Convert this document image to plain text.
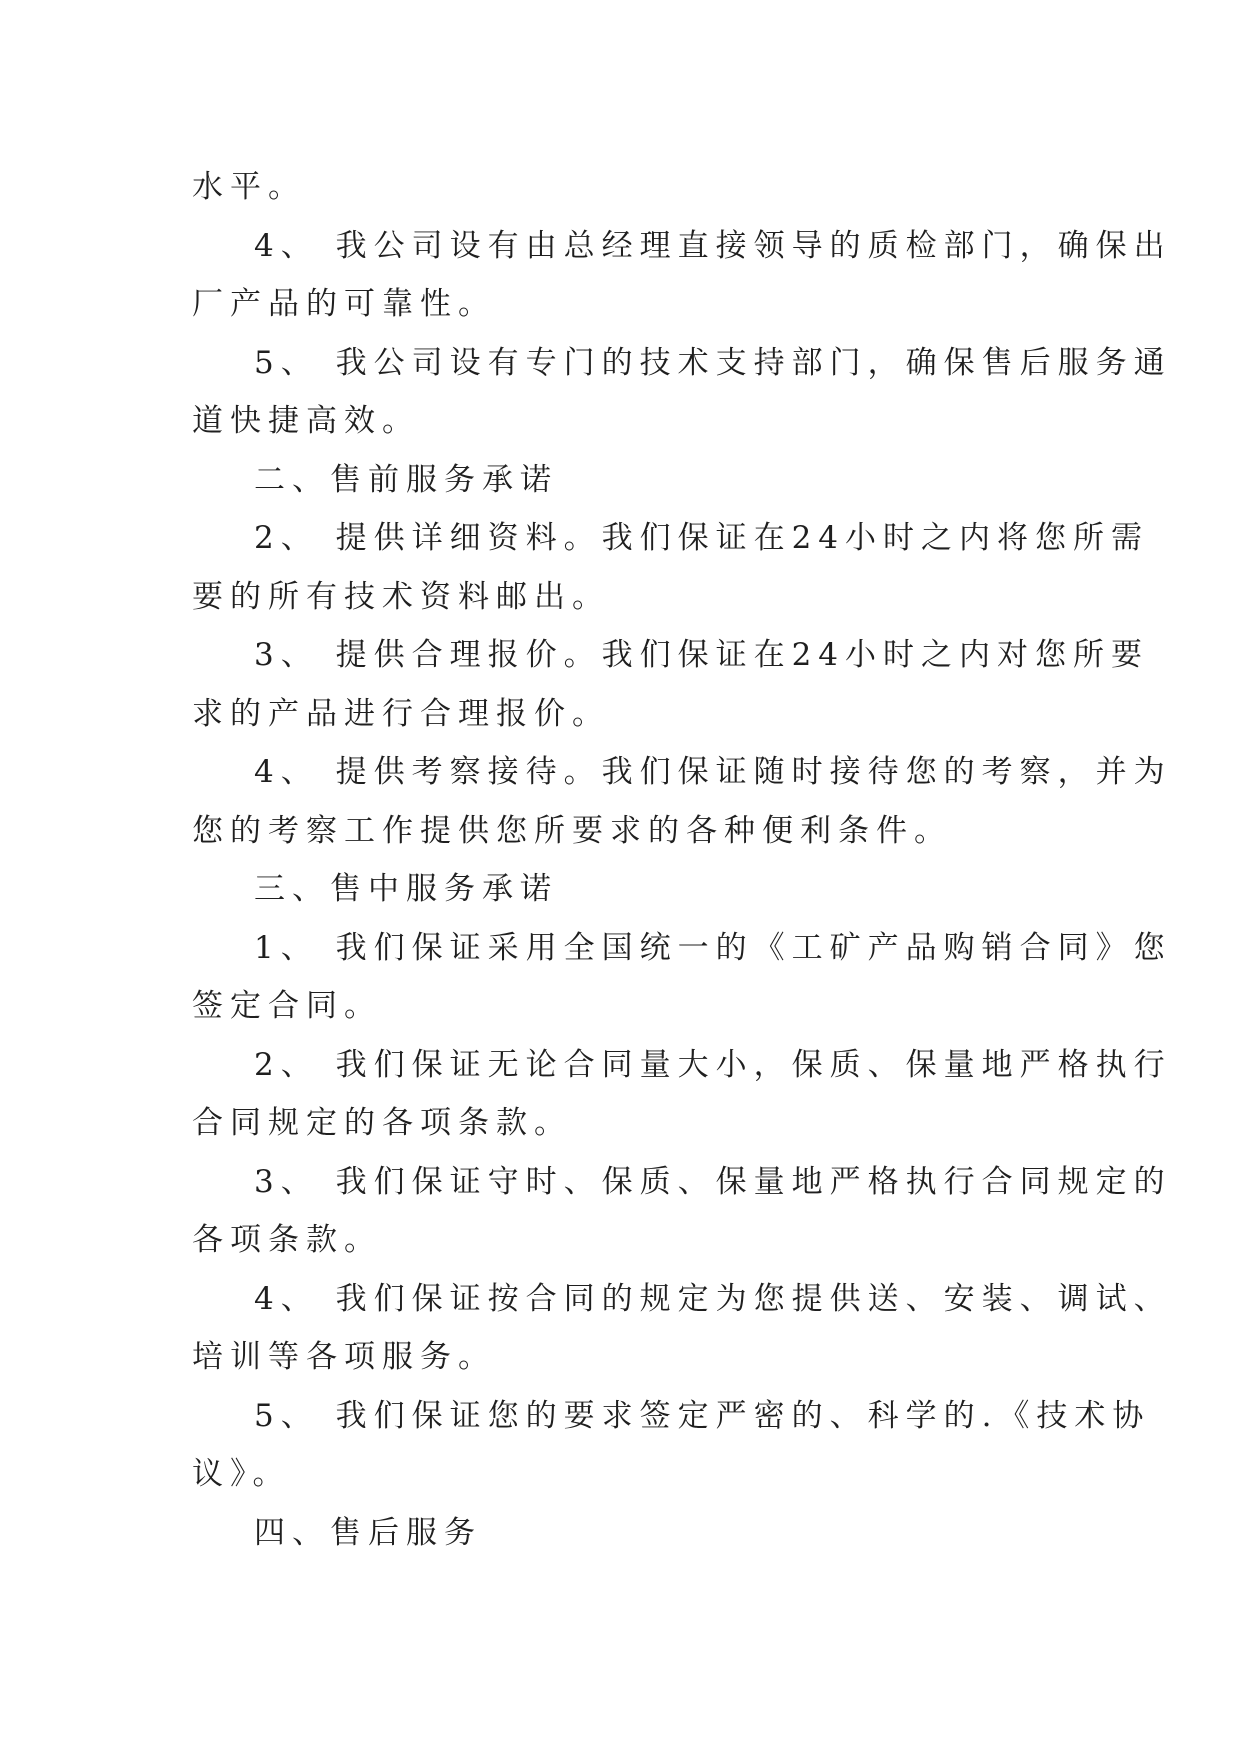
水平。
4、 我公司设有由总经理直接领导的质检部门，确保出
厂产品的可靠性。
5、 我公司设有专门的技术支持部门，确保售后服务通
道快捷高效。
二、售前服务承诺
2、 提供详细资料。我们保证在24小时之内将您所需
要的所有技术资料邮出。
3、 提供合理报价。我们保证在24小时之内对您所要
求的产品进行合理报价。
4、 提供考察接待。我们保证随时接待您的考察，并为
您的考察工作提供您所要求的各种便利条件。
三、售中服务承诺
1、 我们保证采用全国统一的《工矿产品购销合同》您
签定合同。
2、 我们保证无论合同量大小，保质、保量地严格执行
合同规定的各项条款。
3、 我们保证守时、保质、保量地严格执行合同规定的
各项条款。
4、 我们保证按合同的规定为您提供送、安装、调试、
培训等各项服务。
5、 我们保证您的要求签定严密的、科学的.《技术协
议》。
四、售后服务
